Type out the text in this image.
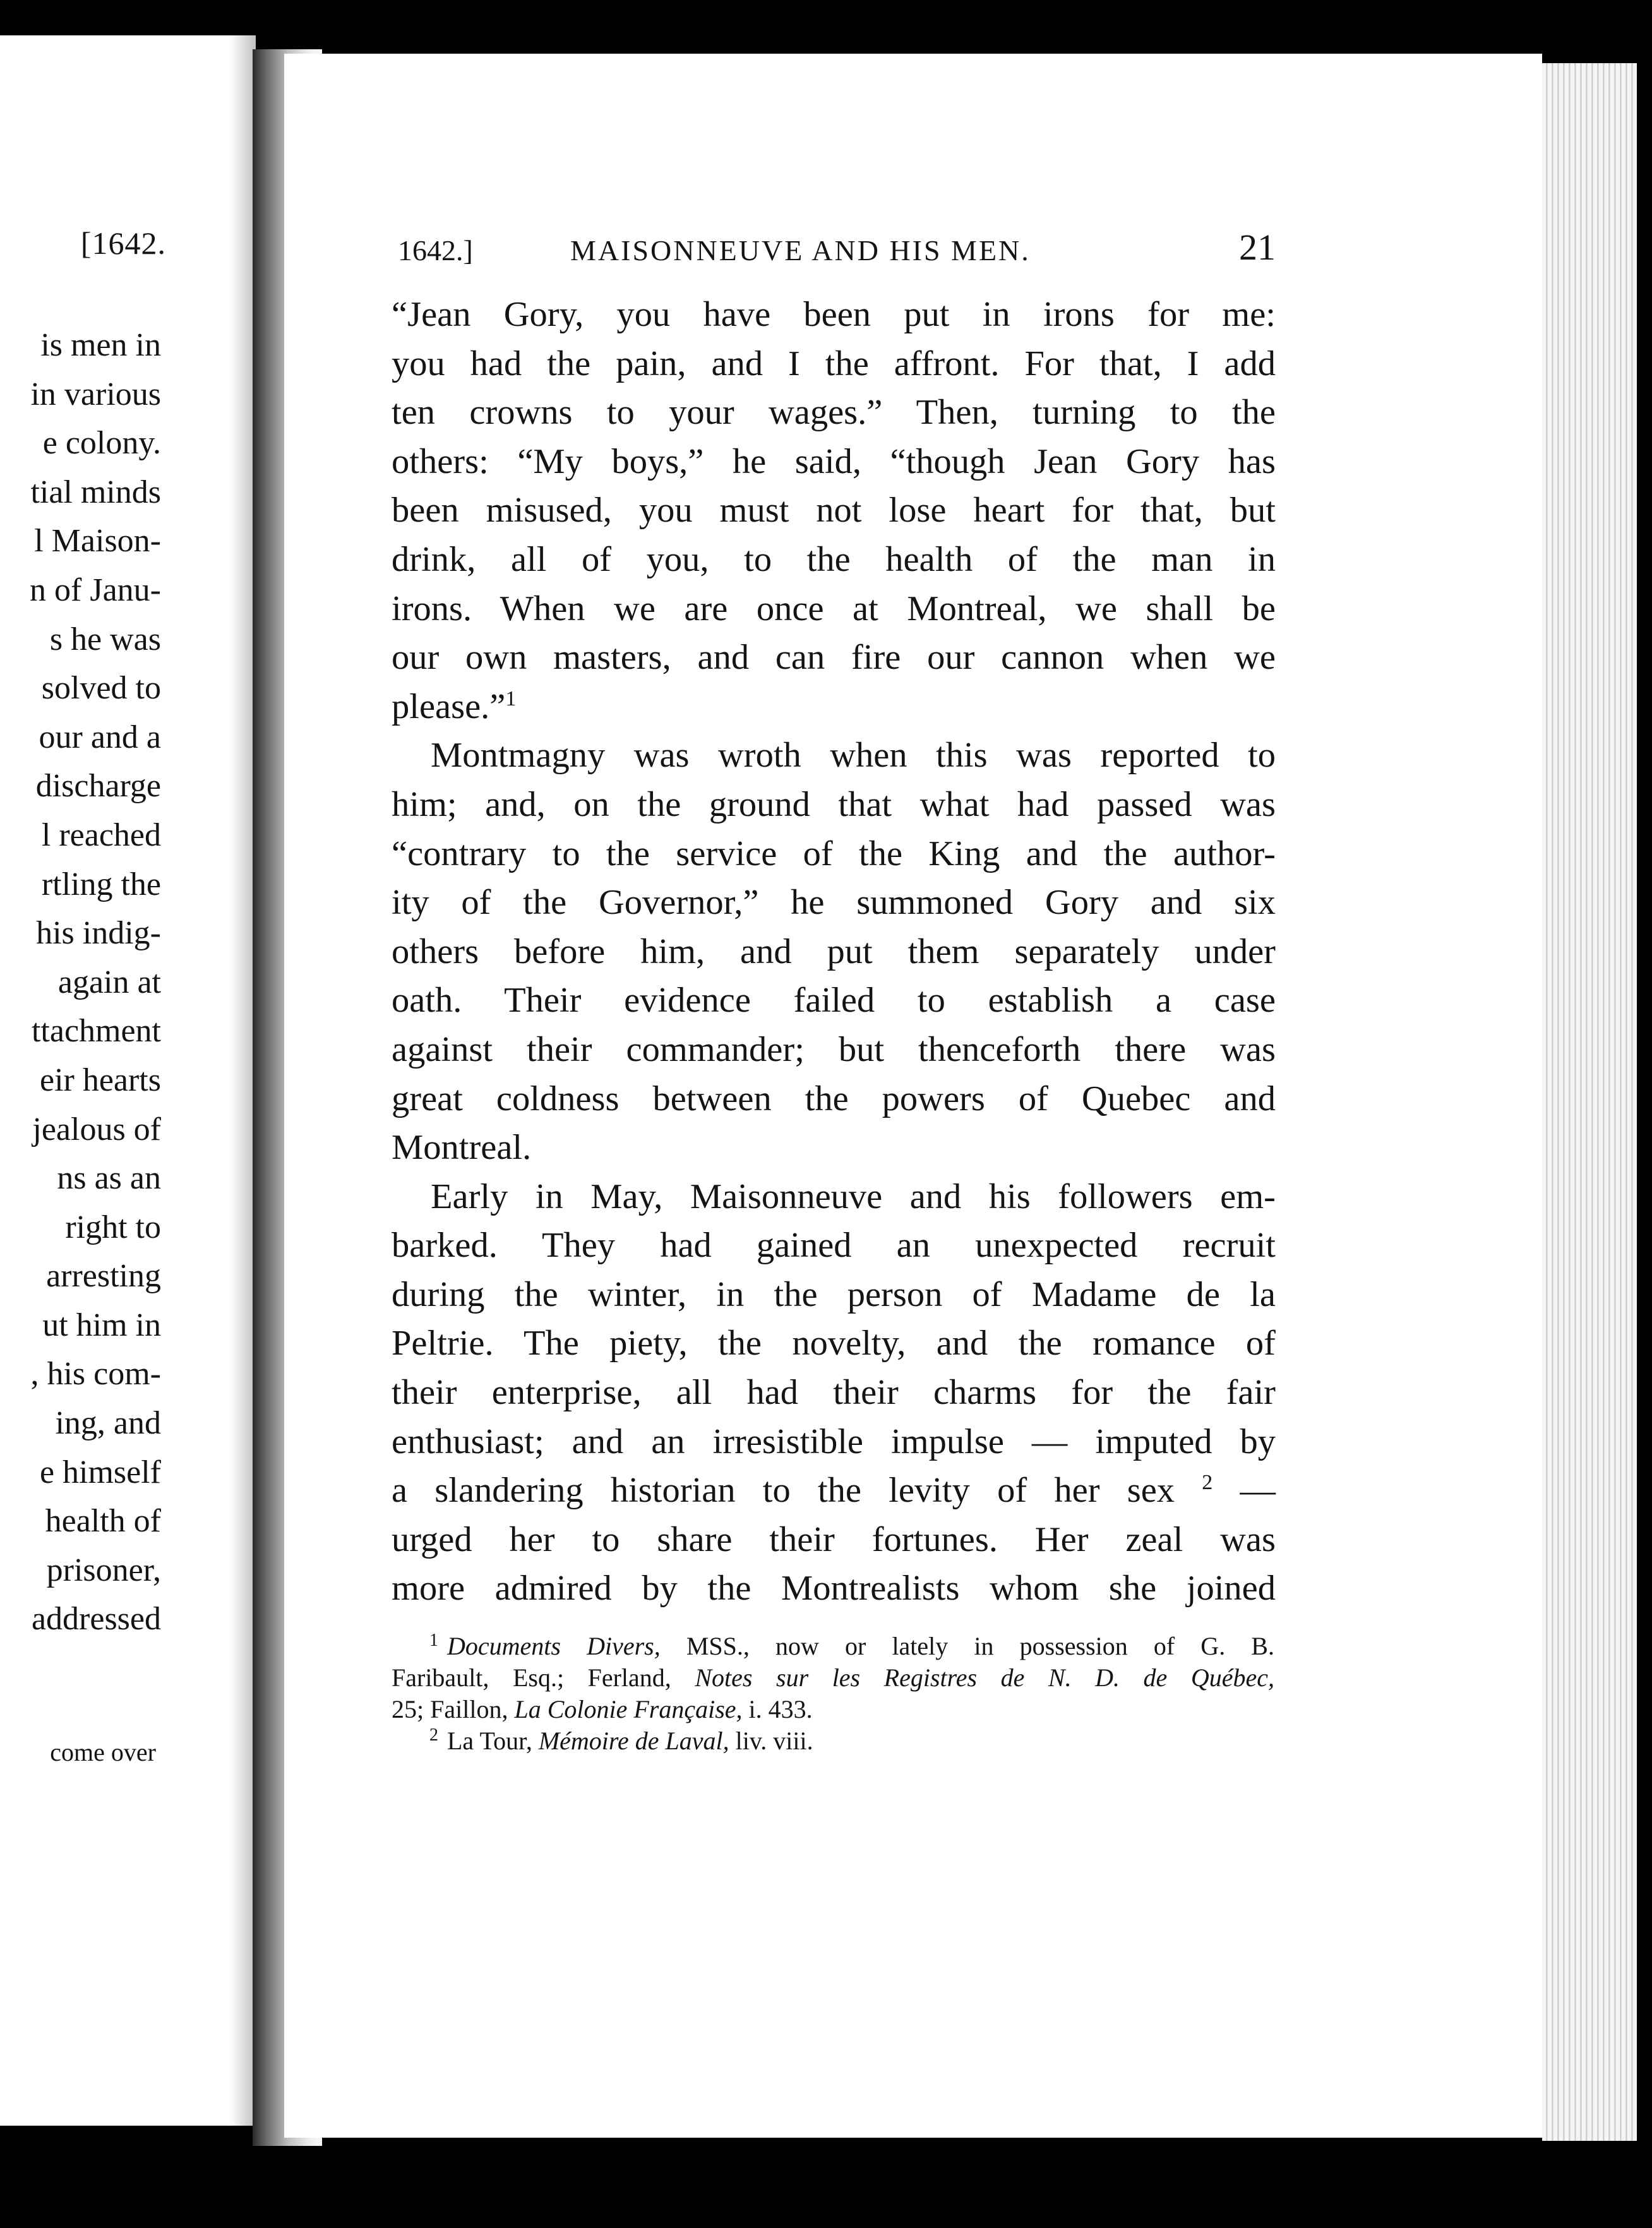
[1642.
is men in
in various
e colony.
tial minds
l Maison-
n of Janu-
s he was
solved to
our and a
discharge
l reached
rtling the
his indig-
again at
ttachment
eir hearts
jealous of
ns as an
right to
arresting
ut him in
, his com-
ing, and
e himself
health of
prisoner,
addressed
come over
1642.]	MAISONNEUVE AND HIS MEN.	21
“Jean Gory, you have been put in irons for me:
you had the pain, and I the affront. For that, I add
ten crowns to your wages.” Then, turning to the
others: “My boys,” he said, “though Jean Gory has
been misused, you must not lose heart for that, but
drink, all of you, to the health of the man in
irons. When we are once at Montreal, we shall be
our own masters, and can fire our cannon when we
please.”$^1$
Montmagny was wroth when this was reported to
him; and, on the ground that what had passed was
“contrary to the service of the King and the author-
ity of the Governor,” he summoned Gory and six
others before him, and put them separately under
oath. Their evidence failed to establish a case
against their commander; but thenceforth there was
great coldness between the powers of Quebec and
Montreal.
Early in May, Maisonneuve and his followers em-
barked. They had gained an unexpected recruit
during the winter, in the person of Madame de la
Peltrie. The piety, the novelty, and the romance of
their enterprise, all had their charms for the fair
enthusiast; and an irresistible impulse — imputed by
a slandering historian to the levity of her sex $^2$ —
urged her to share their fortunes. Her zeal was
more admired by the Montrealists whom she joined
$^1$ Documents Divers, MSS., now or lately in possession of G. B.
Faribault, Esq.; Ferland, Notes sur les Registres de N. D. de Québec,
25; Faillon, La Colonie Française, i. 433.
$^2$ La Tour, Mémoire de Laval, liv. viii.
